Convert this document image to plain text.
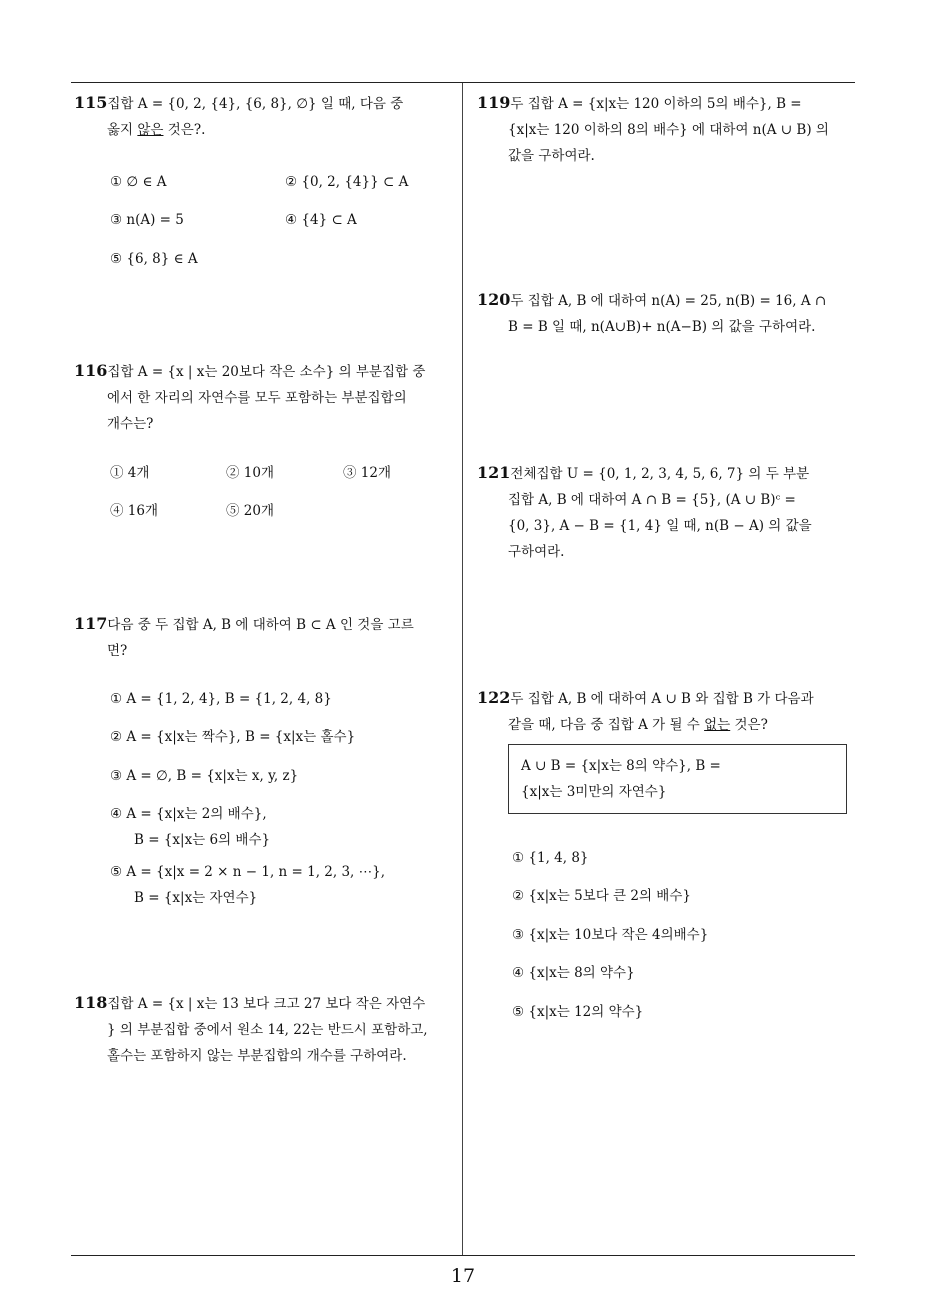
115집합 A = {0, 2, {4}, {6, 8}, ∅} 일 때, 다음 중
옳지 않은 것은?.
① ∅ ∈ A	② {0, 2, {4}} ⊂ A
③ n(A) = 5	④ {4} ⊂ A
⑤ {6, 8} ∈ A
116집합 A = {x | x는 20보다 작은 소수} 의 부분집합 중
에서 한 자리의 자연수를 모두 포함하는 부분집합의
개수는?
① 4개	② 10개	③ 12개
④ 16개	⑤ 20개
117다음 중 두 집합 A, B 에 대하여 B ⊂ A 인 것을 고르
면?
① A = {1, 2, 4}, B = {1, 2, 4, 8}
② A = {x|x는 짝수}, B = {x|x는 홀수}
③ A = ∅, B = {x|x는 x, y, z}
④ A = {x|x는 2의 배수},
B = {x|x는 6의 배수}
⑤ A = {x|x = 2 × n − 1, n = 1, 2, 3, ⋯},
B = {x|x는 자연수}
118집합 A = {x | x는 13 보다 크고 27 보다 작은 자연수
} 의 부분집합 중에서 원소 14, 22는 반드시 포함하고,
홀수는 포함하지 않는 부분집합의 개수를 구하여라.
119두 집합 A = {x|x는 120 이하의 5의 배수}, B =
{x|x는 120 이하의 8의 배수} 에 대하여 n(A ∪ B) 의
값을 구하여라.
120두 집합 A, B 에 대하여 n(A) = 25, n(B) = 16, A ∩
B = B 일 때, n(A∪B)+ n(A−B) 의 값을 구하여라.
121전체집합 U = {0, 1, 2, 3, 4, 5, 6, 7} 의 두 부분
집합 A, B 에 대하여 A ∩ B = {5}, (A ∪ B)ᶜ =
{0, 3}, A − B = {1, 4} 일 때, n(B − A) 의 값을
구하여라.
122두 집합 A, B 에 대하여 A ∪ B 와 집합 B 가 다음과
같을 때, 다음 중 집합 A 가 될 수 없는 것은?
A ∪ B = {x|x는 8의 약수}, B =
{x|x는 3미만의 자연수}
① {1, 4, 8}
② {x|x는 5보다 큰 2의 배수}
③ {x|x는 10보다 작은 4의배수}
④ {x|x는 8의 약수}
⑤ {x|x는 12의 약수}
17
